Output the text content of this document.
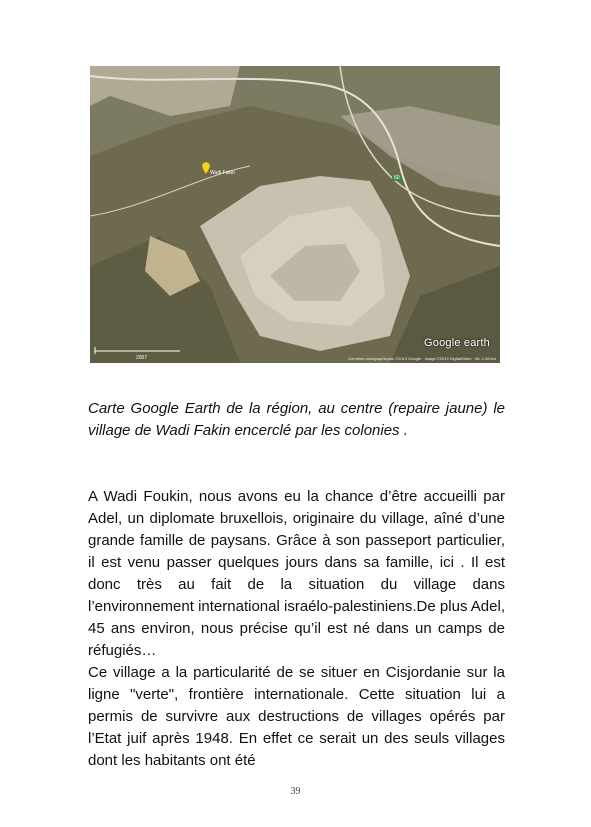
Wadi Fukin
60
2007
Google earth
Données cartographiques ©2013 Google · Image ©2013 DigitalGlobe · Alt. 1.98 km

Carte Google Earth de la région, au centre (repaire jaune) le village de Wadi Fakin encerclé par les colonies .

A Wadi Foukin, nous avons eu la chance d’être accueilli par Adel, un diplomate bruxellois, originaire du village, aîné d’une grande famille de paysans. Grâce à son passeport particulier, il est venu passer quelques jours dans sa famille, ici . Il est donc très au fait de la situation du village dans l’environnement international israélo-palestiniens.De plus Adel, 45 ans environ, nous précise qu’il est né dans un camps de réfugiés…

Ce village a la particularité de se situer en Cisjordanie sur la ligne "verte", frontière internationale. Cette situation lui a permis de survivre aux destructions de villages opérés par l’Etat juif après 1948. En effet ce serait un des seuls villages dont les habitants ont été

39
